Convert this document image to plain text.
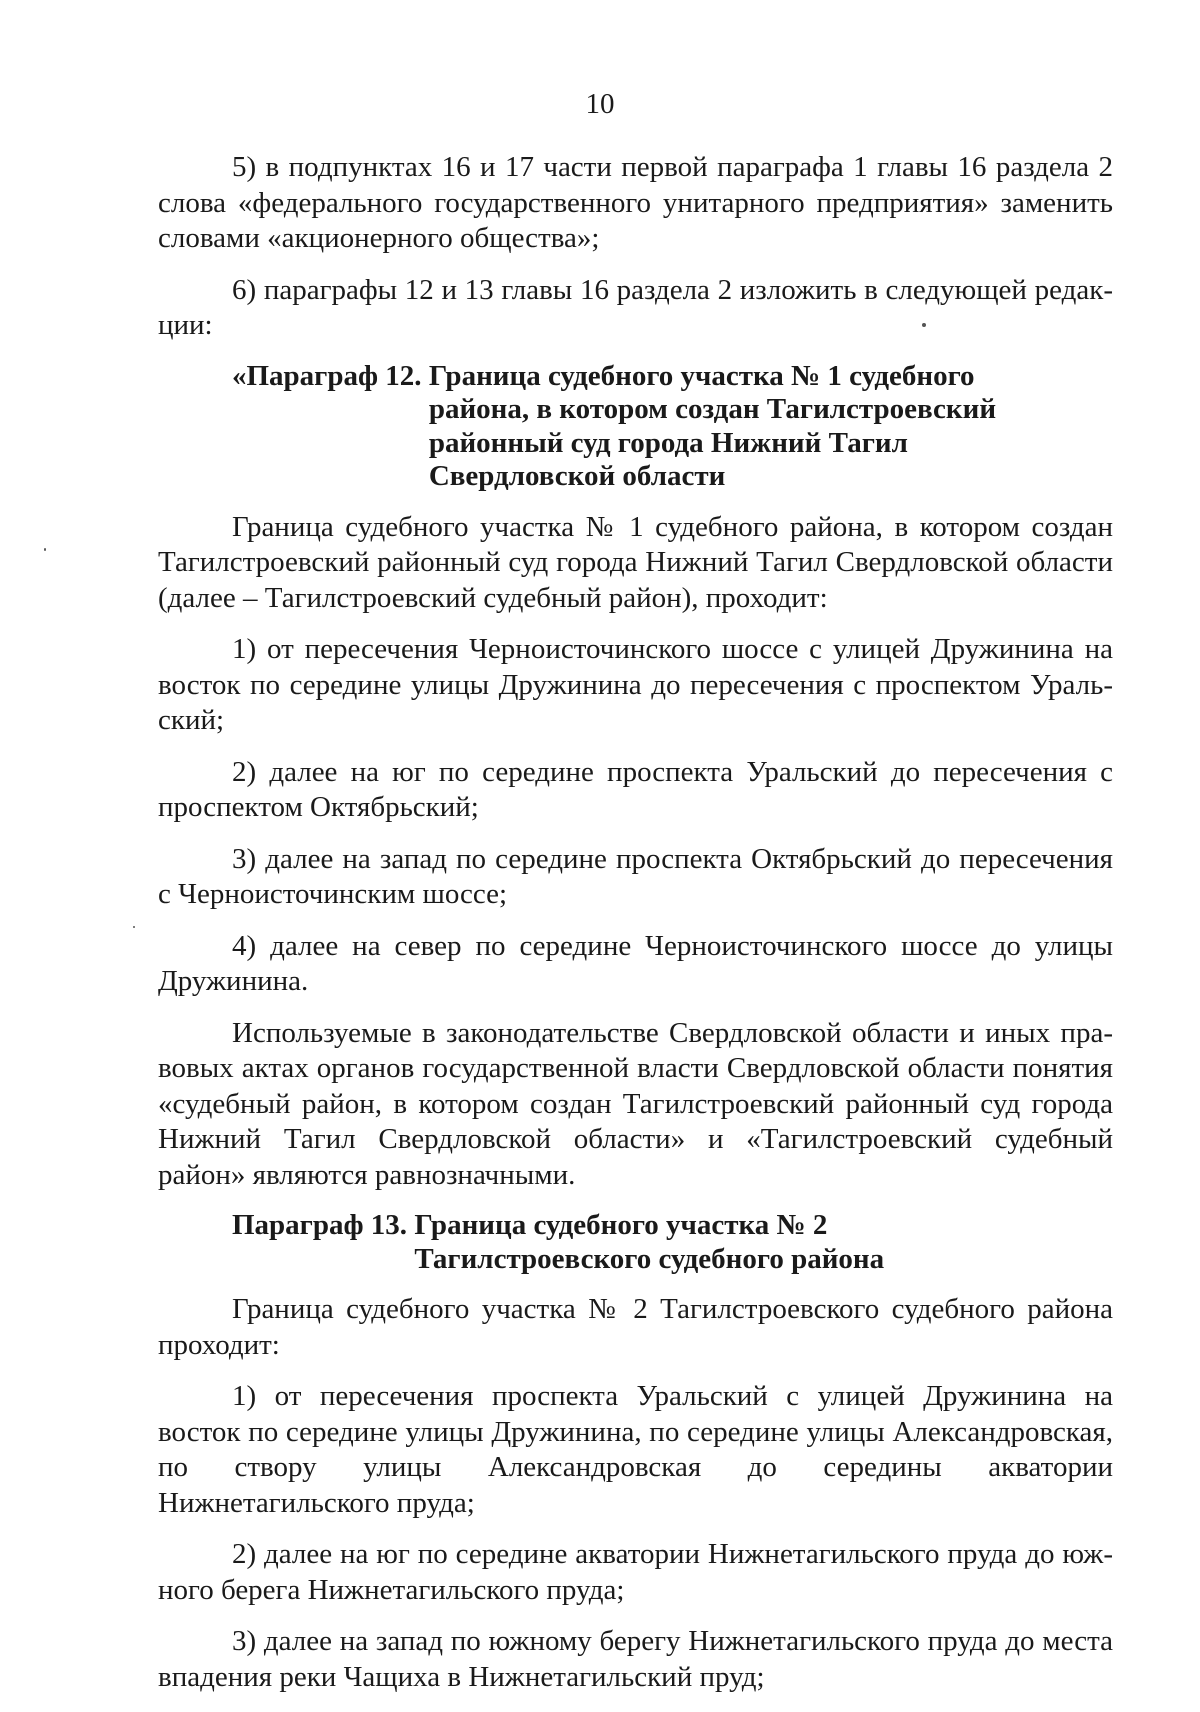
10

5) в подпунктах 16 и 17 части первой параграфа 1 главы 16 раздела 2 слова «федерального государственного унитарного предприятия» заменить словами «акционерного общества»;

6) параграфы 12 и 13 главы 16 раздела 2 изложить в следующей редакции:

«Параграф 12. Граница судебного участка № 1 судебного
района, в котором создан Тагилстроевский
районный суд города Нижний Тагил
Свердловской области

Граница судебного участка № 1 судебного района, в котором создан Тагилстроевский районный суд города Нижний Тагил Свердловской области (далее – Тагилстроевский судебный район), проходит:

1) от пересечения Черноисточинского шоссе с улицей Дружинина на восток по середине улицы Дружинина до пересечения с проспектом Уральский;

2) далее на юг по середине проспекта Уральский до пересечения с проспектом Октябрьский;

3) далее на запад по середине проспекта Октябрьский до пересечения с Черноисточинским шоссе;

4) далее на север по середине Черноисточинского шоссе до улицы Дружинина.

Используемые в законодательстве Свердловской области и иных правовых актах органов государственной власти Свердловской области понятия «судебный район, в котором создан Тагилстроевский районный суд города Нижний Тагил Свердловской области» и «Тагилстроевский судебный район» являются равнозначными.

Параграф 13. Граница судебного участка № 2
Тагилстроевского судебного района

Граница судебного участка № 2 Тагилстроевского судебного района проходит:

1) от пересечения проспекта Уральский с улицей Дружинина на восток по середине улицы Дружинина, по середине улицы Александровская, по створу улицы Александровская до середины акватории Нижнетагильского пруда;

2) далее на юг по середине акватории Нижнетагильского пруда до южного берега Нижнетагильского пруда;

3) далее на запад по южному берегу Нижнетагильского пруда до места впадения реки Чащиха в Нижнетагильский пруд;
